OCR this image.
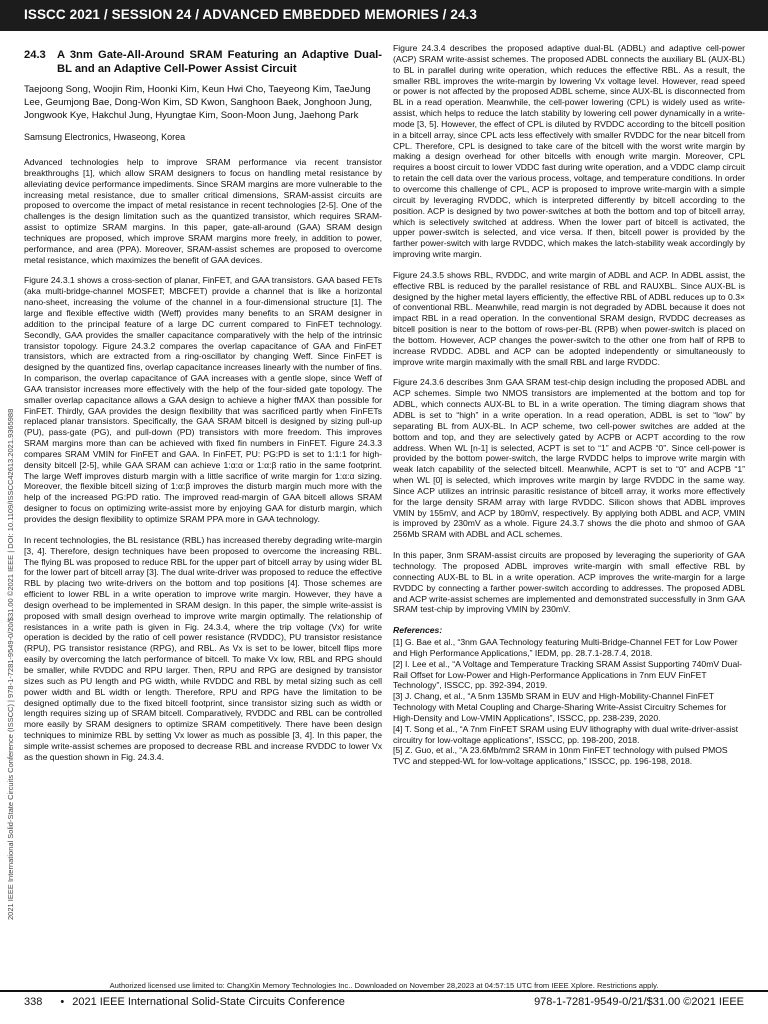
ISSCC 2021 / SESSION 24 / ADVANCED EMBEDDED MEMORIES / 24.3
2021 IEEE International Solid-State Circuits Conference (ISSCC) | 978-1-7281-9549-0/20/$31.00 ©2021 IEEE | DOI: 10.1109/ISSCC42613.2021.9365988
24.3	A 3nm Gate-All-Around SRAM Featuring an Adaptive Dual-BL and an Adaptive Cell-Power Assist Circuit
Taejoong Song, Woojin Rim, Hoonki Kim, Keun Hwi Cho, Taeyeong Kim, TaeJung Lee, Geumjong Bae, Dong-Won Kim, SD Kwon, Sanghoon Baek, Jonghoon Jung, Jongwook Kye, Hakchul Jung, Hyungtae Kim, Soon-Moon Jung, Jaehong Park
Samsung Electronics, Hwaseong, Korea

Advanced technologies help to improve SRAM performance via recent transistor breakthroughs [1], which allow SRAM designers to focus on handling metal resistance by alleviating device performance impediments. Since SRAM margins are more vulnerable to the increasing metal resistance, due to smaller critical dimensions, SRAM-assist circuits are proposed to overcome the impact of metal resistance in recent technologies [2-5]. One of the challenges is the design limitation such as the quantized transistor, which requires SRAM-assist to optimize SRAM margins. In this paper, gate-all-around (GAA) SRAM design techniques are proposed, which improve SRAM margins more freely, in addition to power, performance, and area (PPA). Moreover, SRAM-assist schemes are proposed to overcome metal resistance, which maximizes the benefit of GAA devices.

Figure 24.3.1 shows a cross-section of planar, FinFET, and GAA transistors. GAA based FETs (aka multi-bridge-channel MOSFET; MBCFET) provide a channel that is like a horizontal nano-sheet, increasing the volume of the channel in a four-dimensional structure [1]. The large and flexible effective width (Weff) provides many benefits to an SRAM designer in addition to the principal feature of a large DC current compared to FinFET technology. Secondly, GAA provides the smaller capacitance comparatively with the help of the intrinsic transistor topology. Figure 24.3.2 compares the overlap capacitance of GAA and FinFET transistors, which are extracted from a ring-oscillator by changing Weff. Since FinFET is designed by the quantized fins, overlap capacitance increases linearly with the number of fins. In comparison, the overlap capacitance of GAA increases with a gentle slope, since Weff of GAA transistor increases more effectively with the help of the four-sided gate topology. The smaller overlap capacitance allows a GAA design to achieve a higher fMAX than possible for FinFET. Thirdly, GAA provides the design flexibility that was sacrificed partly when FinFETs replaced planar transistors. Specifically, the GAA SRAM bitcell is designed by sizing pull-up (PU), pass-gate (PG), and pull-down (PD) transistors with more freedom. This improves SRAM margins more than can be achieved with fixed fin numbers in FinFET. Figure 24.3.3 compares SRAM VMIN for FinFET and GAA. In FinFET, PU: PG:PD is set to 1:1:1 for high-density bitcell [2-5], while GAA SRAM can achieve 1:α:α or 1:α:β ratio in the same footprint. The large Weff improves disturb margin with a little sacrifice of write margin for 1:α:α sizing. Moreover, the flexible bitcell sizing of 1:α:β improves the disturb margin much more with the help of the increased PG:PD ratio. The improved read-margin of GAA bitcell allows SRAM designer to focus on optimizing write-assist more by enjoying GAA for disturb margin, which provides the design flexibility to optimize SRAM PPA more in GAA technology.

In recent technologies, the BL resistance (RBL) has increased thereby degrading write-margin [3, 4]. Therefore, design techniques have been proposed to overcome the increasing RBL. The flying BL was proposed to reduce RBL for the upper part of bitcell array by using wider BL for the lower part of bitcell array [3]. The dual write-driver was proposed to reduce the effective RBL by placing two write-drivers on the bottom and top positions [4]. Those schemes are efficient to lower RBL in a write operation to improve write margin. However, they have a design overhead to be implemented in SRAM design. In this paper, the simple write-assist is proposed with small design overhead to improve write margin optimally. The relationship of resistances in a write path is given in Fig. 24.3.4, where the trip voltage (Vx) for write operation is decided by the ratio of cell power resistance (RVDDC), PU transistor resistance (RPU), PG transistor resistance (RPG), and RBL. As Vx is set to be lower, bitcell flips more easily by overcoming the latch performance of bitcell. To make Vx low, RBL and RPG should be smaller, while RVDDC and RPU larger. Then, RPU and RPG are designed by transistor sizes such as PU length and PG width, while RVDDC and RBL by metal sizing such as cell power width and BL width or length. Therefore, RPU and RPG have the limitation to be designed optimally due to the fixed bitcell footprint, since transistor sizing such as width or length requires sizing up of SRAM bitcell. Comparatively, RVDDC and RBL can be controlled more easily by SRAM designers to optimize SRAM competitively. There have been design techniques to minimize RBL by setting Vx lower as much as possible [3, 4]. In this paper, the simple write-assist schemes are proposed to decrease RBL and increase RVDDC to lower Vx as the question shown in Fig. 24.3.4.

Figure 24.3.4 describes the proposed adaptive dual-BL (ADBL) and adaptive cell-power (ACP) SRAM write-assist schemes. The proposed ADBL connects the auxiliary BL (AUX-BL) to BL in parallel during write operation, which reduces the effective RBL. As a result, the smaller RBL improves the write-margin by lowering Vx voltage level. However, read speed or power is not affected by the proposed ADBL scheme, since AUX-BL is disconnected from BL in a read operation. Meanwhile, the cell-power lowering (CPL) is widely used as write-assist, which helps to reduce the latch stability by lowering cell power dynamically in a write-mode [3, 5]. However, the effect of CPL is diluted by RVDDC according to the bitcell position in a bitcell array, since CPL acts less effectively with smaller RVDDC for the near bitcell from CPL. Therefore, CPL is designed to take care of the bitcell with the worst write margin by making a design overhead for other bitcells with enough write margin. Moreover, CPL requires a boost circuit to lower VDDC fast during write operation, and a VDDC clamp circuit to retain the cell data over the various process, voltage, and temperature conditions. In order to overcome this challenge of CPL, ACP is proposed to improve write-margin with a simple circuit by leveraging RVDDC, which is interpreted differently by bitcell according to the position. ACP is designed by two power-switches at both the bottom and top of bitcell array, which is selectively switched at address. When the lower part of bitcell is activated, the upper power-switch is selected, and vice versa. If then, bitcell power is provided by the farther power-switch with large RVDDC, which makes the latch-stability weak accordingly by improving write margin.

Figure 24.3.5 shows RBL, RVDDC, and write margin of ADBL and ACP. In ADBL assist, the effective RBL is reduced by the parallel resistance of RBL and RAUXBL. Since AUX-BL is designed by the higher metal layers efficiently, the effective RBL of ADBL reduces up to 0.3× of conventional RBL. Meanwhile, read margin is not degraded by ADBL because it does not impact RBL in a read operation. In the conventional SRAM design, RVDDC decreases as bitcell position is near to the bottom of rows-per-BL (RPB) when power-switch is placed on the bottom. However, ACP changes the power-switch to the other one from half of RPB to increase RVDDC. ADBL and ACP can be adopted independently or simultaneously to improve write margin maximally with the small RBL and large RVDDC.

Figure 24.3.6 describes 3nm GAA SRAM test-chip design including the proposed ADBL and ACP schemes. Simple two NMOS transistors are implemented at the bottom and top for ADBL, which connects AUX-BL to BL in a write operation. The timing diagram shows that ADBL is set to “high” in a write operation. In a read operation, ADBL is set to “low” by separating BL from AUX-BL. In ACP scheme, two cell-power switches are added at the bottom and top, and they are selectively gated by ACPB or ACPT according to the row address. When WL [n-1] is selected, ACPT is set to “1” and ACPB “0”. Since cell-power is provided by the bottom power-switch, the large RVDDC helps to improve write margin with weak latch capability of the selected bitcell. Meanwhile, ACPT is set to “0” and ACPB “1” when WL [0] is selected, which improves write margin by large RVDDC in the same way. Since ACP utilizes an intrinsic parasitic resistance of bitcell array, it works more effectively for the large density SRAM array with large RVDDC. Silicon shows that ADBL improves VMIN by 155mV, and ACP by 180mV, respectively. By applying both ADBL and ACP, VMIN is improved by 230mV as a whole. Figure 24.3.7 shows the die photo and shmoo of GAA 256Mb SRAM with ADBL and ACL schemes.

In this paper, 3nm SRAM-assist circuits are proposed by leveraging the superiority of GAA technology. The proposed ADBL improves write-margin with small effective RBL by connecting AUX-BL to BL in a write operation. ACP improves the write-margin for a large RVDDC by connecting a farther power-switch according to addresses. The proposed ADBL and ACP write-assist schemes are implemented and demonstrated successfully in 3nm GAA SRAM test-chip by improving VMIN by 230mV.

References:

[1] G. Bae et al., “3nm GAA Technology featuring Multi-Bridge-Channel FET for Low Power and High Performance Applications,” IEDM, pp. 28.7.1-28.7.4, 2018.

[2] I. Lee et al., “A Voltage and Temperature Tracking SRAM Assist Supporting 740mV Dual-Rail Offset for Low-Power and High-Performance Applications in 7nm EUV FinFET Technology”, ISSCC, pp. 392-394, 2019.

[3] J. Chang, et al., “A 5nm 135Mb SRAM in EUV and High-Mobility-Channel FinFET Technology with Metal Coupling and Charge-Sharing Write-Assist Circuitry Schemes for High-Density and Low-VMIN Applications”, ISSCC, pp. 238-239, 2020.

[4] T. Song et al., “A 7nm FinFET SRAM using EUV lithography with dual write-driver-assist circuitry for low-voltage applications”, ISSCC, pp. 198-200, 2018.

[5] Z. Guo, et al., “A 23.6Mb/mm2 SRAM in 10nm FinFET technology with pulsed PMOS TVC and stepped-WL for low-voltage applications,” ISSCC, pp. 196-198, 2018.

Authorized licensed use limited to: ChangXin Memory Technologies Inc.. Downloaded on November 28,2023 at 04:57:15 UTC from IEEE Xplore. Restrictions apply.
338 • 2021 IEEE International Solid-State Circuits Conference	978-1-7281-9549-0/21/$31.00 ©2021 IEEE
